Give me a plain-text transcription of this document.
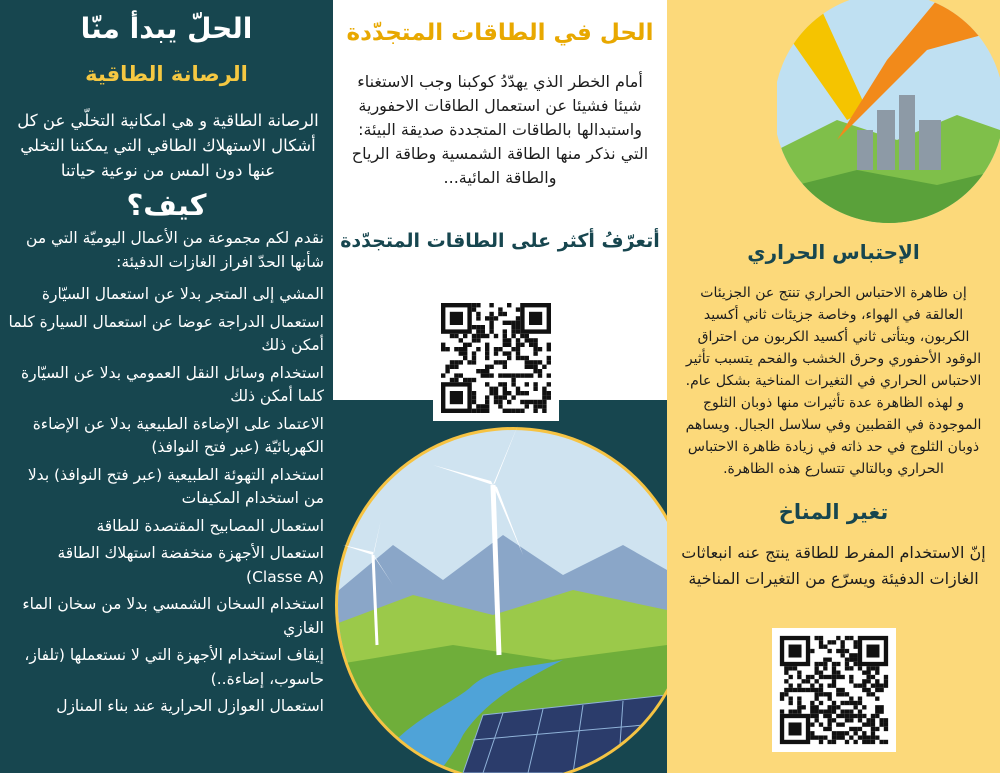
الحلّ يبدأ منّا
الرصانة الطاقية
الرصانة الطاقية و هي امكانية التخلّي عن كل أشكال الاستهلاك الطاقي التي يمكننا التخلي عنها دون المس من نوعية حياتنا
كيف؟
نقدم لكم مجموعة من الأعمال اليوميّة التي من شأنها الحدّ افراز الغازات الدفيئة:
• المشي إلى المتجر بدلا عن استعمال السيّارة
• استعمال الدراجة عوضا عن استعمال السيارة كلما أمكن ذلك
• استخدام وسائل النقل العمومي بدلا عن السيّارة كلما أمكن ذلك
• الاعتماد على الإضاءة الطبيعية بدلا عن الإضاءة الكهربائيّة (عبر فتح النوافذ)
• استخدام التهوئة الطبيعية (عبر فتح النوافذ) بدلا من استخدام المكيفات
• استعمال المصابيح المقتصدة للطاقة
• استعمال الأجهزة منخفضة استهلاك الطاقة (Classe A)
• استخدام السخان الشمسي بدلا من سخان الماء الغازي
• إيقاف استخدام الأجهزة التي لا نستعملها (تلفاز، حاسوب، إضاءة..)
• استعمال العوازل الحرارية عند بناء المنازل
الحل في الطاقات المتجدّدة
أمام الخطر الذي يهدّدُ كوكبنا وجب الاستغناء شيئا فشيئا عن استعمال الطاقات الاحفورية واستبدالها بالطاقات المتجددة صديقة البيئة: التي نذكر منها الطاقة الشمسية وطاقة الرياح والطاقة المائية...
أتعرّفُ أكثر على الطاقات المتجدّدة	الإحتباس الحراري
إن ظاهرة الاحتباس الحراري تنتج عن الجزيئات العالقة في الهواء، وخاصة جزيئات ثاني أكسيد الكربون، ويتأتى ثاني أكسيد الكربون من احتراق الوقود الأحفوري وحرق الخشب والفحم يتسبب تأثير الاحتباس الحراري في التغيرات المناخية بشكل عام. و لهذه الظاهرة عدة تأثيرات منها ذوبان الثلوج الموجودة في القطبين وفي سلاسل الجبال. ويساهم ذوبان الثلوج في حد ذاته في زيادة ظاهرة الاحتباس الحراري وبالتالي تتسارع هذه الظاهرة.
تغير المناخ
إنّ الاستخدام المفرط للطاقة ينتج عنه انبعاثات الغازات الدفيئة ويسرّع من التغيرات المناخية
